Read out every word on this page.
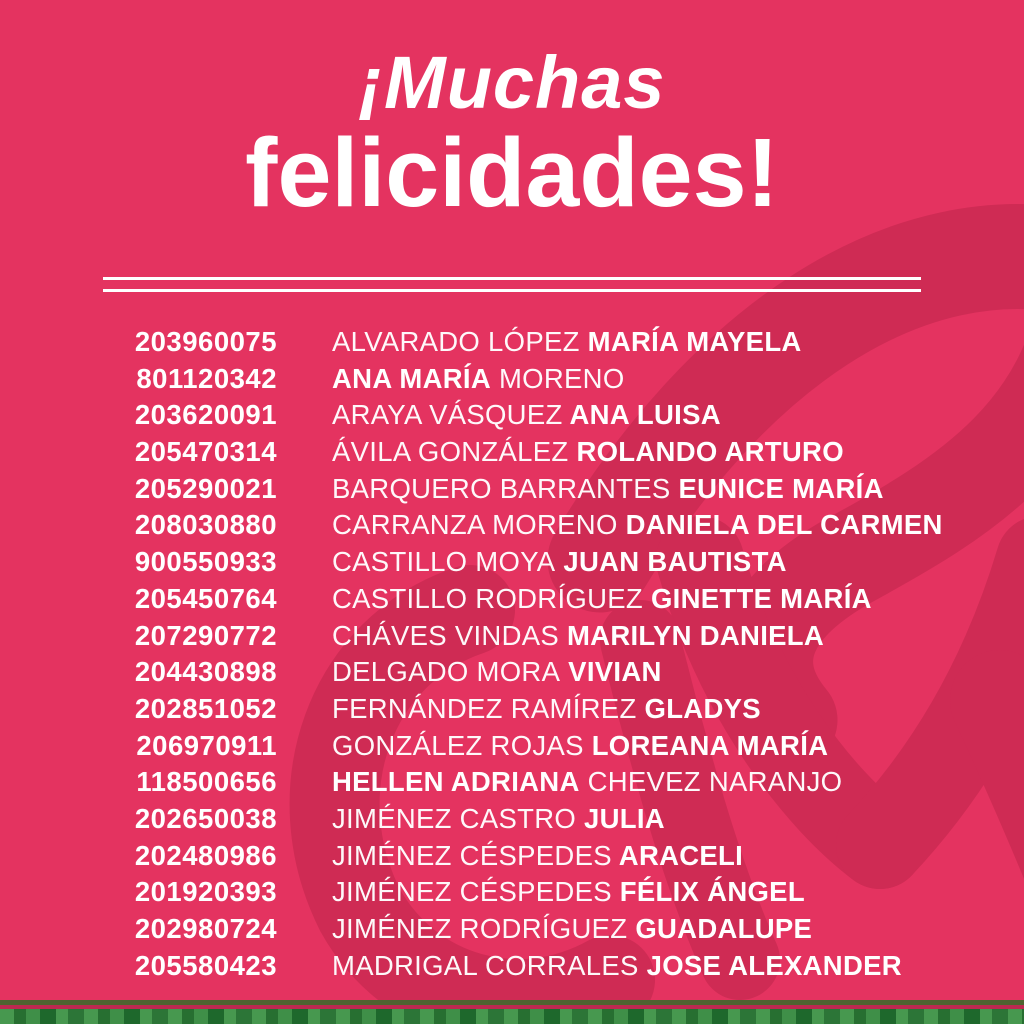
¡Muchas
felicidades!
203960075 ALVARADO LÓPEZ MARÍA MAYELA
801120342 ANA MARÍA MORENO
203620091 ARAYA VÁSQUEZ ANA LUISA
205470314 ÁVILA GONZÁLEZ ROLANDO ARTURO
205290021 BARQUERO BARRANTES EUNICE MARÍA
208030880 CARRANZA MORENO DANIELA DEL CARMEN
900550933 CASTILLO MOYA JUAN BAUTISTA
205450764 CASTILLO RODRÍGUEZ GINETTE MARÍA
207290772 CHÁVES VINDAS MARILYN DANIELA
204430898 DELGADO MORA VIVIAN
202851052 FERNÁNDEZ RAMÍREZ GLADYS
206970911 GONZÁLEZ ROJAS LOREANA MARÍA
118500656 HELLEN ADRIANA CHEVEZ NARANJO
202650038 JIMÉNEZ CASTRO JULIA
202480986 JIMÉNEZ CÉSPEDES ARACELI
201920393 JIMÉNEZ CÉSPEDES FÉLIX ÁNGEL
202980724 JIMÉNEZ RODRÍGUEZ GUADALUPE
205580423 MADRIGAL CORRALES JOSE ALEXANDER
